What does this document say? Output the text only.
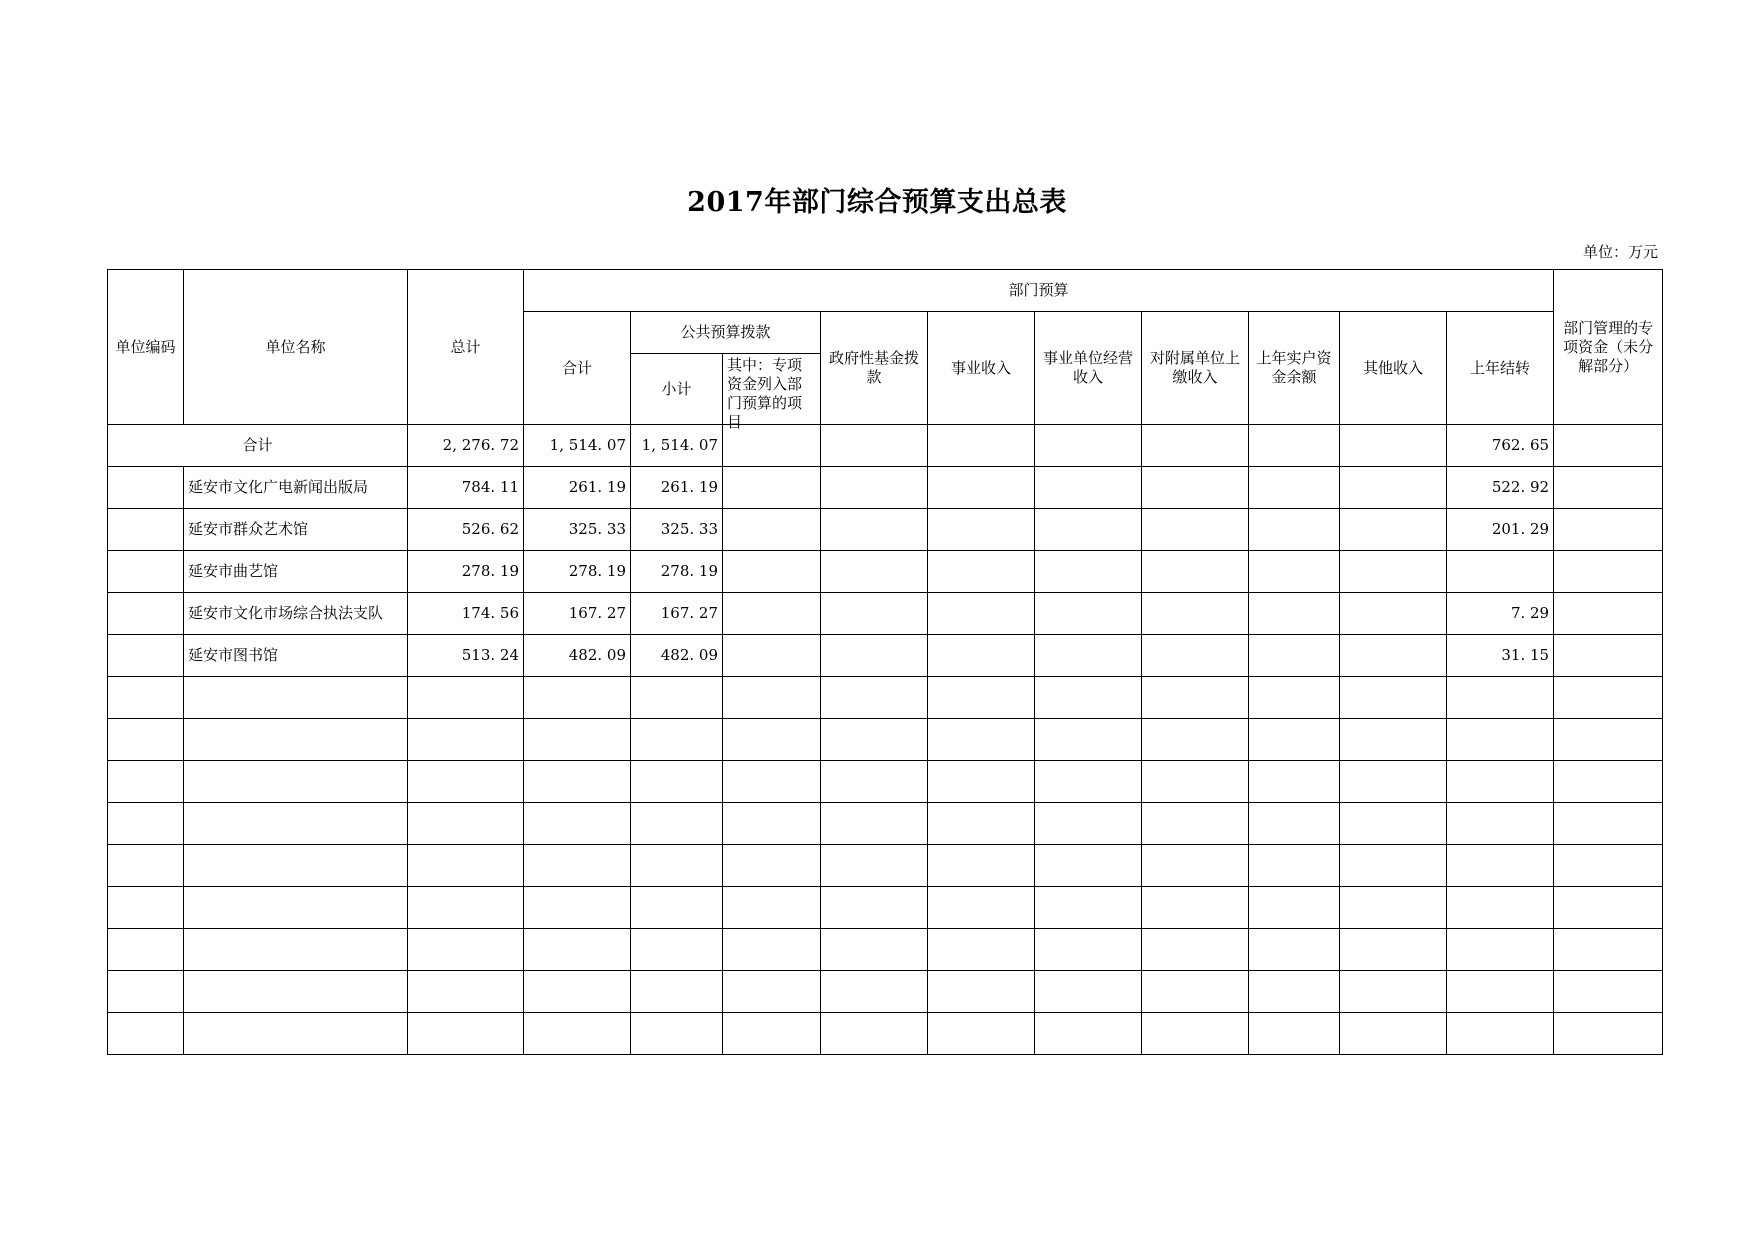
2017年部门综合预算支出总表
单位：万元
单位编码	单位名称	总计	部门预算										部门管理的专项资金（未分解部分）
			合计	公共预算拨款		政府性基金拨款	事业收入	事业单位经营收入	对附属单位上缴收入	上年实户资金余额	其他收入	上年结转	
				小计	其中：专项资金列入部门预算的项目								

合计		2, 276. 72	1, 514. 07	1, 514. 07								762. 65	
	延安市文化广电新闻出版局	784. 11	261. 19	261. 19								522. 92	
	延安市群众艺术馆	526. 62	325. 33	325. 33								201. 29	
	延安市曲艺馆	278. 19	278. 19	278. 19									
	延安市文化市场综合执法支队	174. 56	167. 27	167. 27								7. 29	
	延安市图书馆	513. 24	482. 09	482. 09								31. 15	
